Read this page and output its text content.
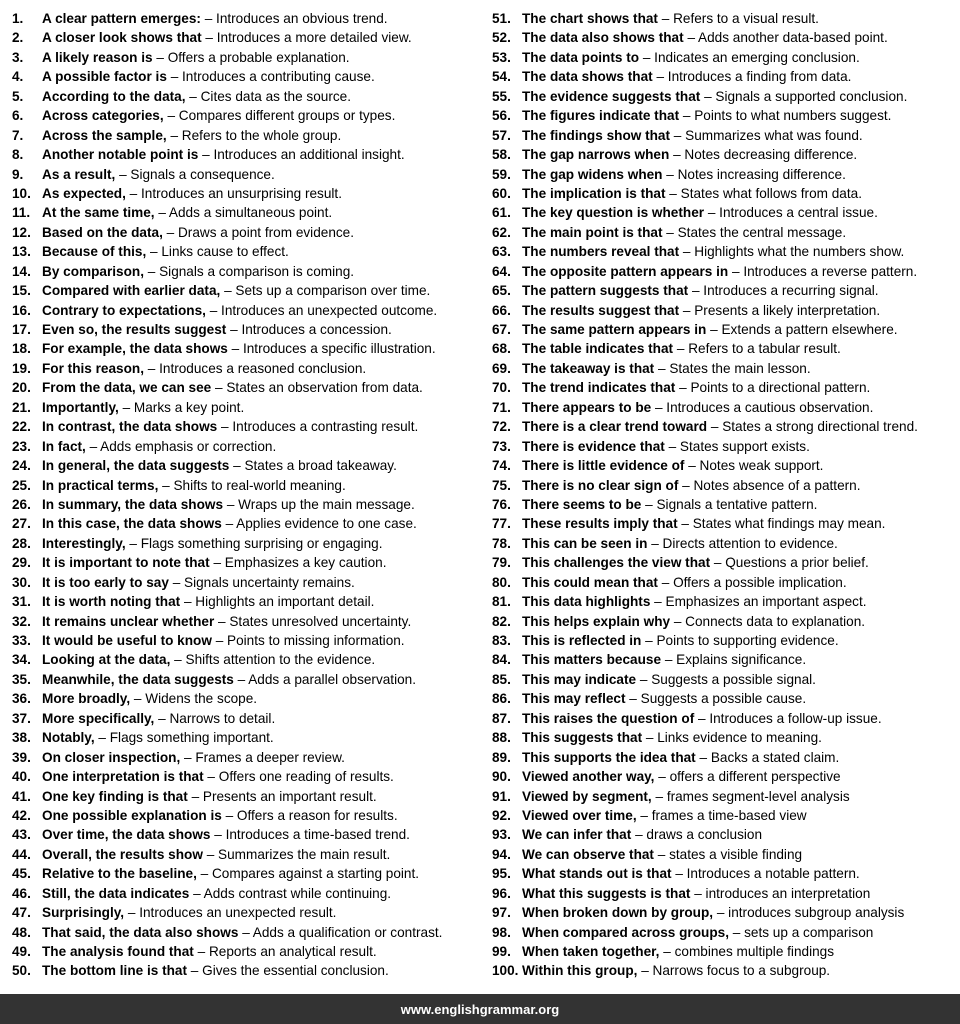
1. A clear pattern emerges: – Introduces an obvious trend.
2. A closer look shows that – Introduces a more detailed view.
3. A likely reason is – Offers a probable explanation.
4. A possible factor is – Introduces a contributing cause.
5. According to the data, – Cites data as the source.
6. Across categories, – Compares different groups or types.
7. Across the sample, – Refers to the whole group.
8. Another notable point is – Introduces an additional insight.
9. As a result, – Signals a consequence.
10. As expected, – Introduces an unsurprising result.
11. At the same time, – Adds a simultaneous point.
12. Based on the data, – Draws a point from evidence.
13. Because of this, – Links cause to effect.
14. By comparison, – Signals a comparison is coming.
15. Compared with earlier data, – Sets up a comparison over time.
16. Contrary to expectations, – Introduces an unexpected outcome.
17. Even so, the results suggest – Introduces a concession.
18. For example, the data shows – Introduces a specific illustration.
19. For this reason, – Introduces a reasoned conclusion.
20. From the data, we can see – States an observation from data.
21. Importantly, – Marks a key point.
22. In contrast, the data shows – Introduces a contrasting result.
23. In fact, – Adds emphasis or correction.
24. In general, the data suggests – States a broad takeaway.
25. In practical terms, – Shifts to real-world meaning.
26. In summary, the data shows – Wraps up the main message.
27. In this case, the data shows – Applies evidence to one case.
28. Interestingly, – Flags something surprising or engaging.
29. It is important to note that – Emphasizes a key caution.
30. It is too early to say – Signals uncertainty remains.
31. It is worth noting that – Highlights an important detail.
32. It remains unclear whether – States unresolved uncertainty.
33. It would be useful to know – Points to missing information.
34. Looking at the data, – Shifts attention to the evidence.
35. Meanwhile, the data suggests – Adds a parallel observation.
36. More broadly, – Widens the scope.
37. More specifically, – Narrows to detail.
38. Notably, – Flags something important.
39. On closer inspection, – Frames a deeper review.
40. One interpretation is that – Offers one reading of results.
41. One key finding is that – Presents an important result.
42. One possible explanation is – Offers a reason for results.
43. Over time, the data shows – Introduces a time-based trend.
44. Overall, the results show – Summarizes the main result.
45. Relative to the baseline, – Compares against a starting point.
46. Still, the data indicates – Adds contrast while continuing.
47. Surprisingly, – Introduces an unexpected result.
48. That said, the data also shows – Adds a qualification or contrast.
49. The analysis found that – Reports an analytical result.
50. The bottom line is that – Gives the essential conclusion.
51. The chart shows that – Refers to a visual result.
52. The data also shows that – Adds another data-based point.
53. The data points to – Indicates an emerging conclusion.
54. The data shows that – Introduces a finding from data.
55. The evidence suggests that – Signals a supported conclusion.
56. The figures indicate that – Points to what numbers suggest.
57. The findings show that – Summarizes what was found.
58. The gap narrows when – Notes decreasing difference.
59. The gap widens when – Notes increasing difference.
60. The implication is that – States what follows from data.
61. The key question is whether – Introduces a central issue.
62. The main point is that – States the central message.
63. The numbers reveal that – Highlights what the numbers show.
64. The opposite pattern appears in – Introduces a reverse pattern.
65. The pattern suggests that – Introduces a recurring signal.
66. The results suggest that – Presents a likely interpretation.
67. The same pattern appears in – Extends a pattern elsewhere.
68. The table indicates that – Refers to a tabular result.
69. The takeaway is that – States the main lesson.
70. The trend indicates that – Points to a directional pattern.
71. There appears to be – Introduces a cautious observation.
72. There is a clear trend toward – States a strong directional trend.
73. There is evidence that – States support exists.
74. There is little evidence of – Notes weak support.
75. There is no clear sign of – Notes absence of a pattern.
76. There seems to be – Signals a tentative pattern.
77. These results imply that – States what findings may mean.
78. This can be seen in – Directs attention to evidence.
79. This challenges the view that – Questions a prior belief.
80. This could mean that – Offers a possible implication.
81. This data highlights – Emphasizes an important aspect.
82. This helps explain why – Connects data to explanation.
83. This is reflected in – Points to supporting evidence.
84. This matters because – Explains significance.
85. This may indicate – Suggests a possible signal.
86. This may reflect – Suggests a possible cause.
87. This raises the question of – Introduces a follow-up issue.
88. This suggests that – Links evidence to meaning.
89. This supports the idea that – Backs a stated claim.
90. Viewed another way, – offers a different perspective
91. Viewed by segment, – frames segment-level analysis
92. Viewed over time, – frames a time-based view
93. We can infer that – draws a conclusion
94. We can observe that – states a visible finding
95. What stands out is that – Introduces a notable pattern.
96. What this suggests is that – introduces an interpretation
97. When broken down by group, – introduces subgroup analysis
98. When compared across groups, – sets up a comparison
99. When taken together, – combines multiple findings
100. Within this group, – Narrows focus to a subgroup.
www.englishgrammar.org
